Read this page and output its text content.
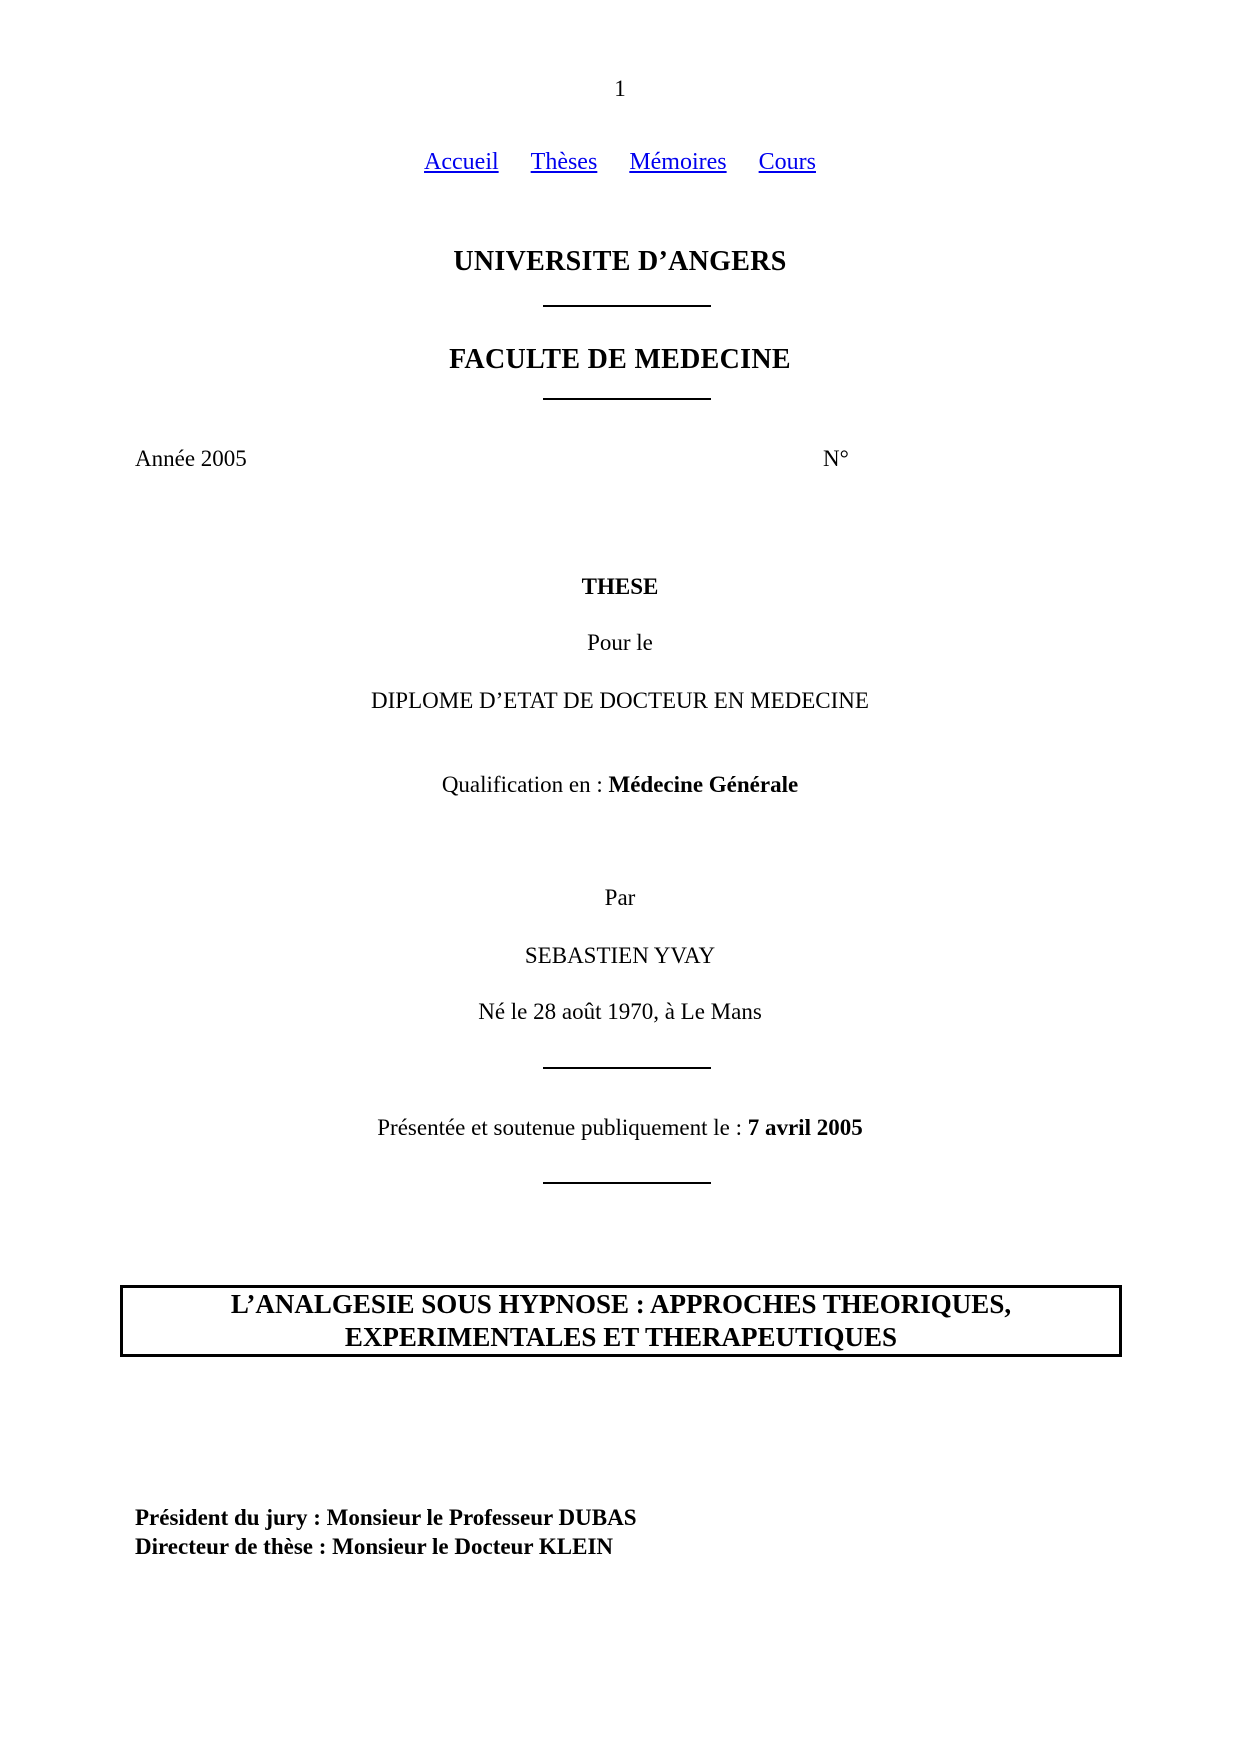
1
Accueil Thèses Mémoires Cours
UNIVERSITE D’ANGERS
FACULTE DE MEDECINE
Année 2005	N°
THESE
Pour le
DIPLOME D’ETAT DE DOCTEUR EN MEDECINE
Qualification en : Médecine Générale
Par
SEBASTIEN YVAY
Né le 28 août 1970, à Le Mans
Présentée et soutenue publiquement le : 7 avril 2005
L’ANALGESIE SOUS HYPNOSE : APPROCHES THEORIQUES,
EXPERIMENTALES ET THERAPEUTIQUES
Président du jury : Monsieur le Professeur DUBAS
Directeur de thèse : Monsieur le Docteur KLEIN
